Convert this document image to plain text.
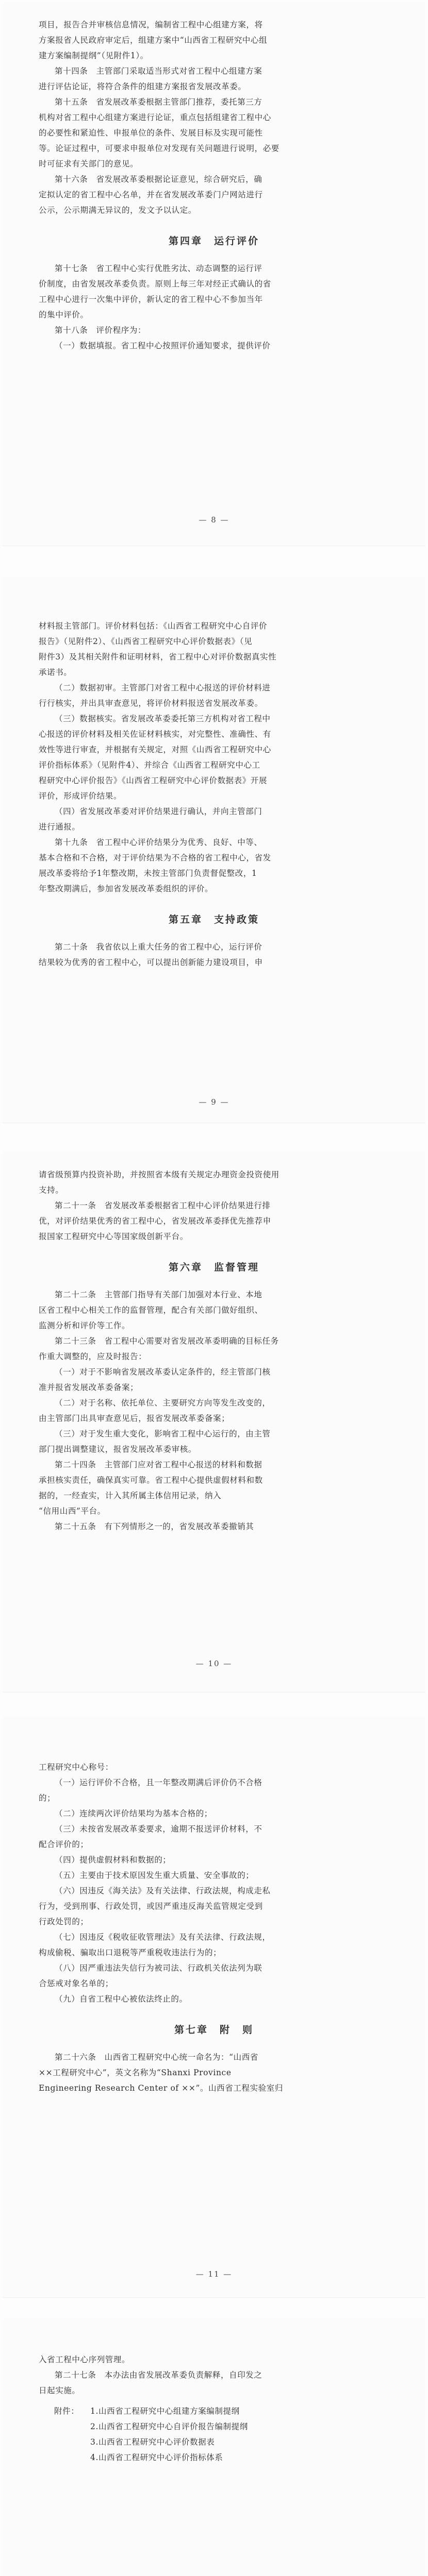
项目，报告合并审核信息情况，编制省工程中心组建方案，将

方案报省人民政府审定后，组建方案中“山西省工程研究中心组

建方案编制提纲”（见附件1）。

第十四条　主管部门采取适当形式对省工程中心组建方案

进行评估论证，将符合条件的组建方案报省发展改革委。

第十五条　省发展改革委根据主管部门推荐，委托第三方

机构对省工程中心组建方案进行论证，重点包括组建省工程中心

的必要性和紧迫性、申报单位的条件、发展目标及实现可能性

等。论证过程中，可要求申报单位对发现有关问题进行说明，必要

时可征求有关部门的意见。

第十六条　省发展改革委根据论证意见，综合研究后，确

定拟认定的省工程中心名单，并在省发展改革委门户网站进行

公示，公示期满无异议的，发文予以认定。

第四章　运行评价

第十七条　省工程中心实行优胜劣汰、动态调整的运行评

价制度，由省发展改革委负责。原则上每三年对经正式确认的省

工程中心进行一次集中评价，新认定的省工程中心不参加当年

的集中评价。

第十八条　评价程序为：

（一）数据填报。省工程中心按照评价通知要求，提供评价

— 8 —

材料报主管部门。评价材料包括：《山西省工程研究中心自评价

报告》（见附件2）、《山西省工程研究中心评价数据表》（见

附件3）及其相关附件和证明材料，省工程中心对评价数据真实性

承诺书。

（二）数据初审。主管部门对省工程中心报送的评价材料进

行行核实，并出具审查意见，将评价材料报送省发展改革委。

（三）数据核实。省发展改革委委托第三方机构对省工程中

心报送的评价材料及相关佐证材料核实，对完整性、准确性、有

效性等进行审查，并根据有关规定，对照《山西省工程研究中心

评价指标体系》（见附件4）、并综合《山西省工程研究中心工

程研究中心评价报告》《山西省工程研究中心评价数据表》开展

评价，形成评价结果。

（四）省发展改革委对评价结果进行确认，并向主管部门

进行通报。

第十九条　省工程中心评价结果分为优秀、良好、中等、

基本合格和不合格，对于评价结果为不合格的省工程中心，省发

展改革委将给予1年整改期，未按主管部门负责督促整改，1

年整改期满后，参加省发展改革委组织的评价。

第五章　支持政策

第二十条　我省依以上重大任务的省工程中心，运行评价

结果较为优秀的省工程中心，可以提出创新能力建设项目，申

— 9 —

请省级预算内投资补助，并按照省本级有关规定办理资金投资使用

支持。

第二十一条　省发展改革委根据省工程中心评价结果进行排

优，对评价结果优秀的省工程中心，省发展改革委择优先推荐申

报国家工程研究中心等国家级创新平台。

第六章　监督管理

第二十二条　主管部门指导有关部门加强对本行业、本地

区省工程中心相关工作的监督管理，配合有关部门做好组织、

监测分析和评价等工作。

第二十三条　省工程中心需要对省发展改革委明确的目标任务

作重大调整的，应及时报告：

（一）对于不影响省发展改革委认定条件的，经主管部门核

准并报省发展改革委备案；

（二）对于名称、依托单位、主要研究方向等发生改变的，

由主管部门出具审查意见后，报省发展改革委备案；

（三）对于发生重大变化，影响省工程中心运行的，由主管

部门提出调整建议，报省发展改革委审核。

第二十四条　主管部门应对省工程中心报送的材料和数据

承担核实责任，确保真实可靠。省工程中心提供虚假材料和数

据的，一经查实，计入其所属主体信用记录，纳入

“信用山西”平台。

第二十五条　有下列情形之一的，省发展改革委撤销其

— 10 —

工程研究中心称号：

（一）运行评价不合格，且一年整改期满后评价仍不合格

的；

（二）连续两次评价结果均为基本合格的；

（三）未按省发展改革委要求，逾期不报送评价材料，不

配合评价的；

（四）提供虚假材料和数据的；

（五）主要由于技术原因发生重大质量、安全事故的；

（六）因违反《海关法》及有关法律、行政法规，构成走私

行为，受到刑事、行政处罚，或因严重违反海关监管规定受到

行政处罚的；

（七）因违反《税收征收管理法》及有关法律、行政法规，

构成偷税、骗取出口退税等严重税收违法行为的；

（八）因严重违法失信行为被司法、行政机关依法列为联

合惩戒对象名单的；

（九）自省工程中心被依法终止的。

第七章　附　则

第二十六条　山西省工程研究中心统一命名为：“山西省

××工程研究中心”，英文名称为“Shanxi Province

Engineering Research Center of ××”。山西省工程实验室归

— 11 —

入省工程中心序列管理。

第二十七条　本办法由省发展改革委负责解释，自印发之

日起实施。

附件： 1.山西省工程研究中心组建方案编制提纲
2.山西省工程研究中心自评价报告编制提纲
3.山西省工程研究中心评价数据表
4.山西省工程研究中心评价指标体系
